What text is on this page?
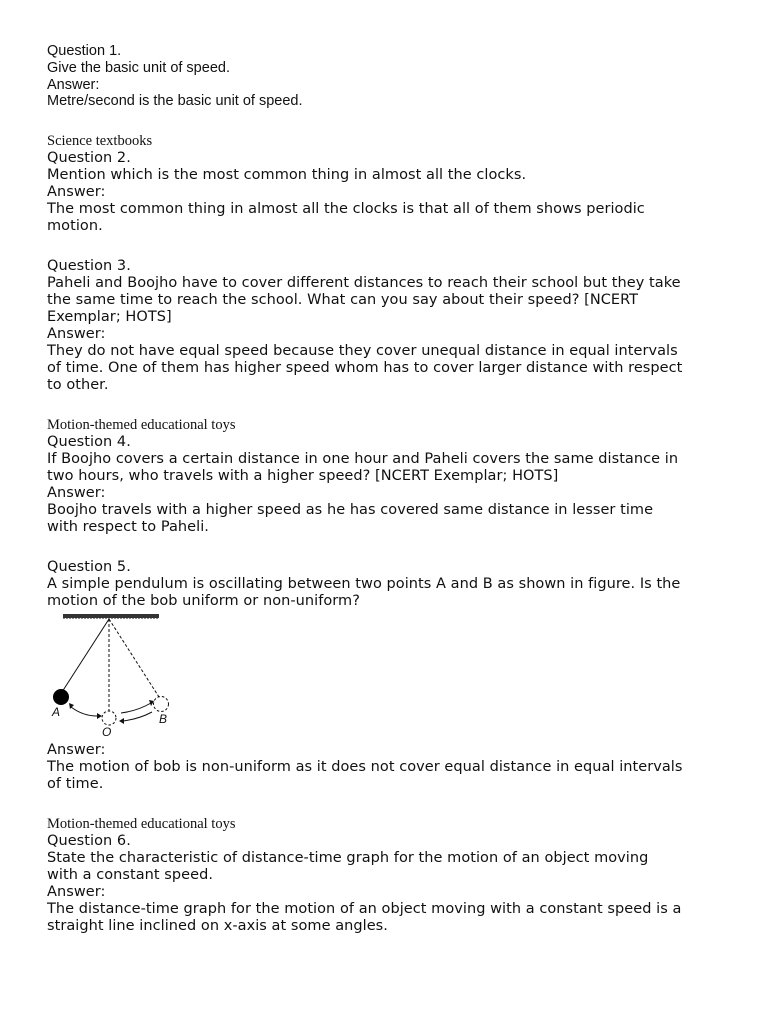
Question 1.
Give the basic unit of speed.
Answer:
Metre/second is the basic unit of speed.
Science textbooks
Question 2.
Mention which is the most common thing in almost all the clocks.
Answer:
The most common thing in almost all the clocks is that all of them shows periodic
motion.
Question 3.
Paheli and Boojho have to cover different distances to reach their school but they take
the same time to reach the school. What can you say about their speed? [NCERT
Exemplar; HOTS]
Answer:
They do not have equal speed because they cover unequal distance in equal intervals
of time. One of them has higher speed whom has to cover larger distance with respect
to other.
Motion-themed educational toys
Question 4.
If Boojho covers a certain distance in one hour and Paheli covers the same distance in
two hours, who travels with a higher speed? [NCERT Exemplar; HOTS]
Answer:
Boojho travels with a higher speed as he has covered same distance in lesser time
with respect to Paheli.
Question 5.
A simple pendulum is oscillating between two points A and B as shown in figure. Is the
motion of the bob uniform or non-uniform?
A
O
B
Answer:
The motion of bob is non-uniform as it does not cover equal distance in equal intervals
of time.
Motion-themed educational toys
Question 6.
State the characteristic of distance-time graph for the motion of an object moving
with a constant speed.
Answer:
The distance-time graph for the motion of an object moving with a constant speed is a
straight line inclined on x-axis at some angles.
